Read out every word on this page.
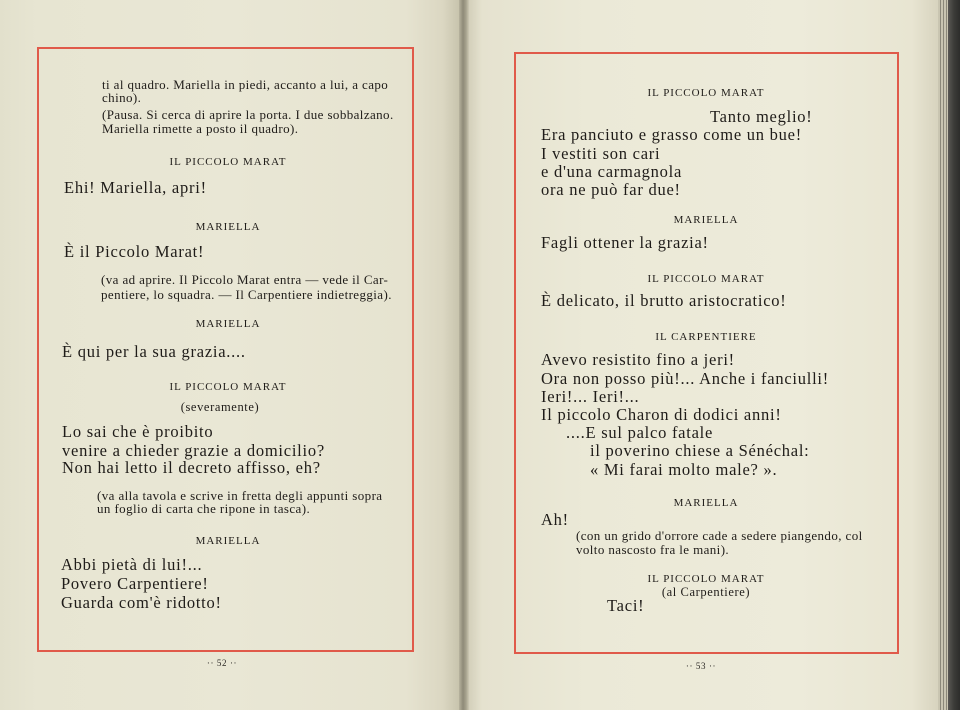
ti al quadro. Mariella in piedi, accanto a lui, a capo
chino).
(Pausa. Si cerca di aprire la porta. I due sobbalzano.
Mariella rimette a posto il quadro).
IL PICCOLO MARAT
Ehi! Mariella, apri!
MARIELLA
È il Piccolo Marat!
(va ad aprire. Il Piccolo Marat entra — vede il Car-
pentiere, lo squadra. — Il Carpentiere indietreggia).
MARIELLA
È qui per la sua grazia....
IL PICCOLO MARAT
(severamente)
Lo sai che è proibito
venire a chieder grazie a domicilio?
Non hai letto il decreto affisso, eh?
(va alla tavola e scrive in fretta degli appunti sopra
un foglio di carta che ripone in tasca).
MARIELLA
Abbi pietà di lui!...
Povero Carpentiere!
Guarda com'è ridotto!
·· 52 ··
IL PICCOLO MARAT
Tanto meglio!
Era panciuto e grasso come un bue!
I vestiti son cari
e d'una carmagnola
ora ne può far due!
MARIELLA
Fagli ottener la grazia!
IL PICCOLO MARAT
È delicato, il brutto aristocratico!
IL CARPENTIERE
Avevo resistito fino a jeri!
Ora non posso più!... Anche i fanciulli!
Ieri!... Ieri!...
Il piccolo Charon di dodici anni!
....E sul palco fatale
il poverino chiese a Sénéchal:
« Mi farai molto male? ».
MARIELLA
Ah!
(con un grido d'orrore cade a sedere piangendo, col
volto nascosto fra le mani).
IL PICCOLO MARAT
(al Carpentiere)
Taci!
·· 53 ··
